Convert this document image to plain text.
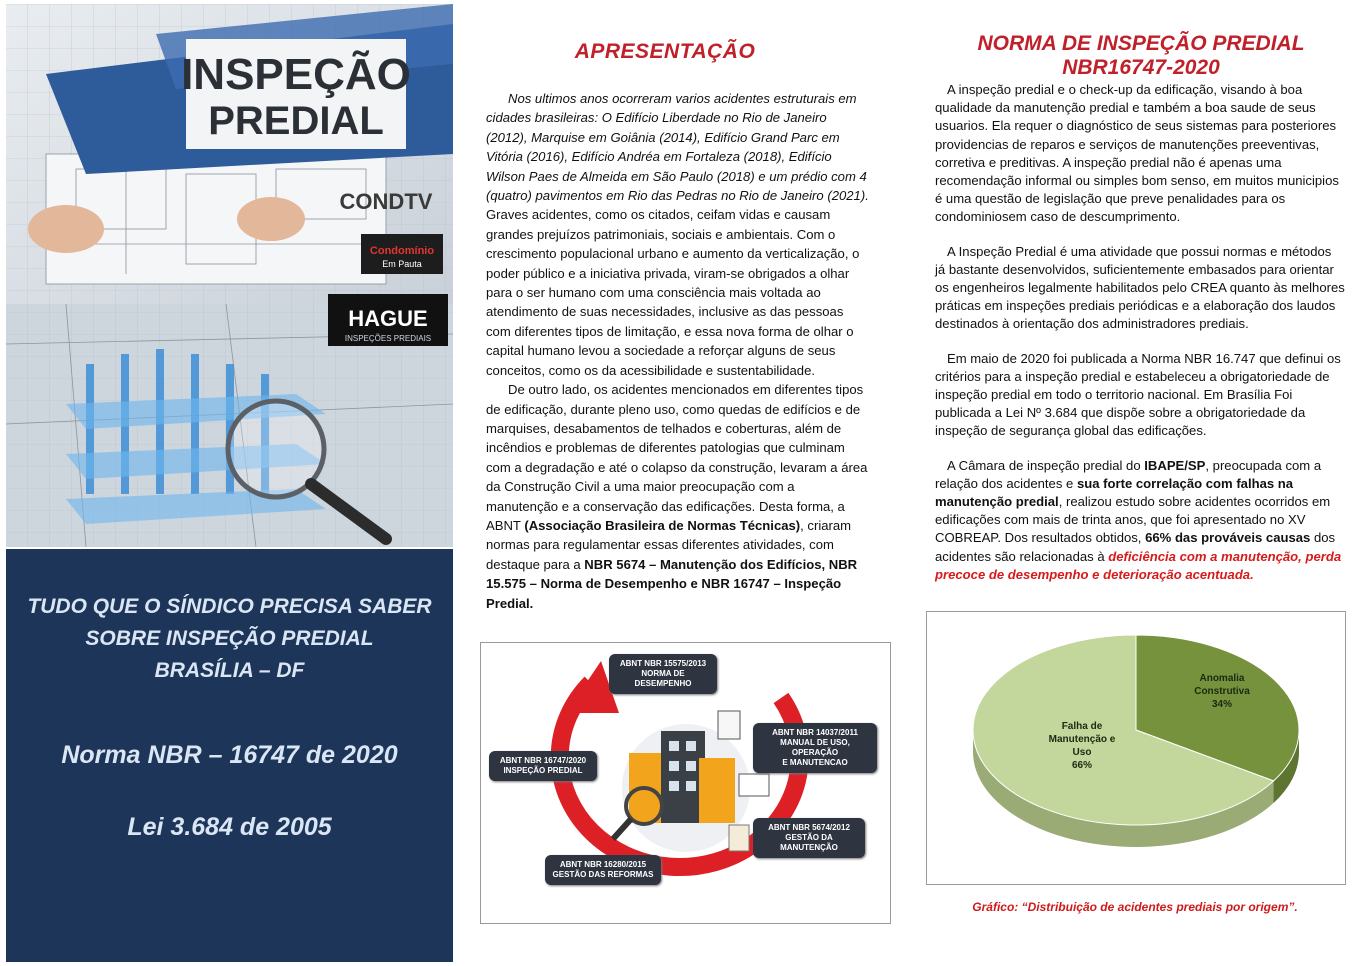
INSPEÇÃO
PREDIAL
CONDTV
Condomínio
Em Pauta
HAGUE
INSPEÇÕES PREDIAIS
TUDO QUE O SÍNDICO PRECISA SABER
SOBRE INSPEÇÃO PREDIAL
BRASÍLIA – DF
Norma NBR – 16747 de 2020
Lei 3.684 de 2005
APRESENTAÇÃO

Nos ultimos anos ocorreram varios acidentes estruturais em cidades brasileiras: O Edifício Liberdade no Rio de Janeiro (2012), Marquise em Goiânia (2014), Edifício Grand Parc em Vitória (2016), Edifício Andréa em Fortaleza (2018), Edifício Wilson Paes de Almeida em São Paulo (2018) e um prédio com 4 (quatro) pavimentos em Rio das Pedras no Rio de Janeiro (2021). Graves acidentes, como os citados, ceifam vidas e causam grandes prejuízos patrimoniais, sociais e ambientais. Com o crescimento populacional urbano e aumento da verticalização, o poder público e a iniciativa privada, viram-se obrigados a olhar para o ser humano com uma consciência mais voltada ao atendimento de suas necessidades, inclusive as das pessoas com diferentes tipos de limitação, e essa nova forma de olhar o capital humano levou a sociedade a reforçar alguns de seus conceitos, como os da acessibilidade e sustentabilidade.

De outro lado, os acidentes mencionados em diferentes tipos de edificação, durante pleno uso, como quedas de edifícios e de marquises, desabamentos de telhados e coberturas, além de incêndios e problemas de diferentes patologias que culminam com a degradação e até o colapso da construção, levaram a área da Construção Civil a uma maior preocupação com a manutenção e a conservação das edificações. Desta forma, a ABNT (Associação Brasileira de Normas Técnicas), criaram normas para regulamentar essas diferentes atividades, com destaque para a NBR 5674 – Manutenção dos Edifícios, NBR 15.575 – Norma de Desempenho e NBR 16747 – Inspeção Predial.

ABNT NBR 15575/2013
NORMA DE DESEMPENHO
ABNT NBR 14037/2011
MANUAL DE USO, OPERAÇÃO
E MANUTENCAO
ABNT NBR 5674/2012
GESTÃO DA MANUTENÇÃO
ABNT NBR 16280/2015
GESTÃO DAS REFORMAS
ABNT NBR 16747/2020
INSPEÇÃO PREDIAL
NORMA DE INSPEÇÃO PREDIAL NBR16747-2020

A inspeção predial e o check-up da edificação, visando à boa qualidade da manutenção predial e também a boa saude de seus usuarios. Ela requer o diagnóstico de seus sistemas para posteriores providencias de reparos e serviços de manutenções preeventivas, corretiva e preditivas. A inspeção predial não é apenas uma recomendação informal ou simples bom senso, em muitos municipios é uma questão de legislação que preve penalidades para os condominiosem caso de descumprimento.

A Inspeção Predial é uma atividade que possui normas e métodos já bastante desenvolvidos, suficientemente embasados para orientar os engenheiros legalmente habilitados pelo CREA quanto às melhores práticas em inspeções prediais periódicas e a elaboração dos laudos destinados à orientação dos administradores prediais.

Em maio de 2020 foi publicada a Norma NBR 16.747 que definui os critérios para a inspeção predial e estabeleceu a obrigatoriedade de inspeção predial em todo o territorio nacional. Em Brasília Foi publicada a Lei Nº 3.684 que dispõe sobre a obrigatoriedade da inspeção de segurança global das edificações.

A Câmara de inspeção predial do IBAPE/SP, preocupada com a relação dos acidentes e sua forte correlação com falhas na manutenção predial, realizou estudo sobre acidentes ocorridos em edificações com mais de trinta anos, que foi apresentado no XV COBREAP. Dos resultados obtidos, 66% das prováveis causas dos acidentes são relacionadas à deficiência com a manutenção, perda precoce de desempenho e deterioração acentuada.

Anomalia
Construtiva
34%
Falha de
Manutenção e
Uso
66%
Gráfico: “Distribuição de acidentes prediais por origem”.
